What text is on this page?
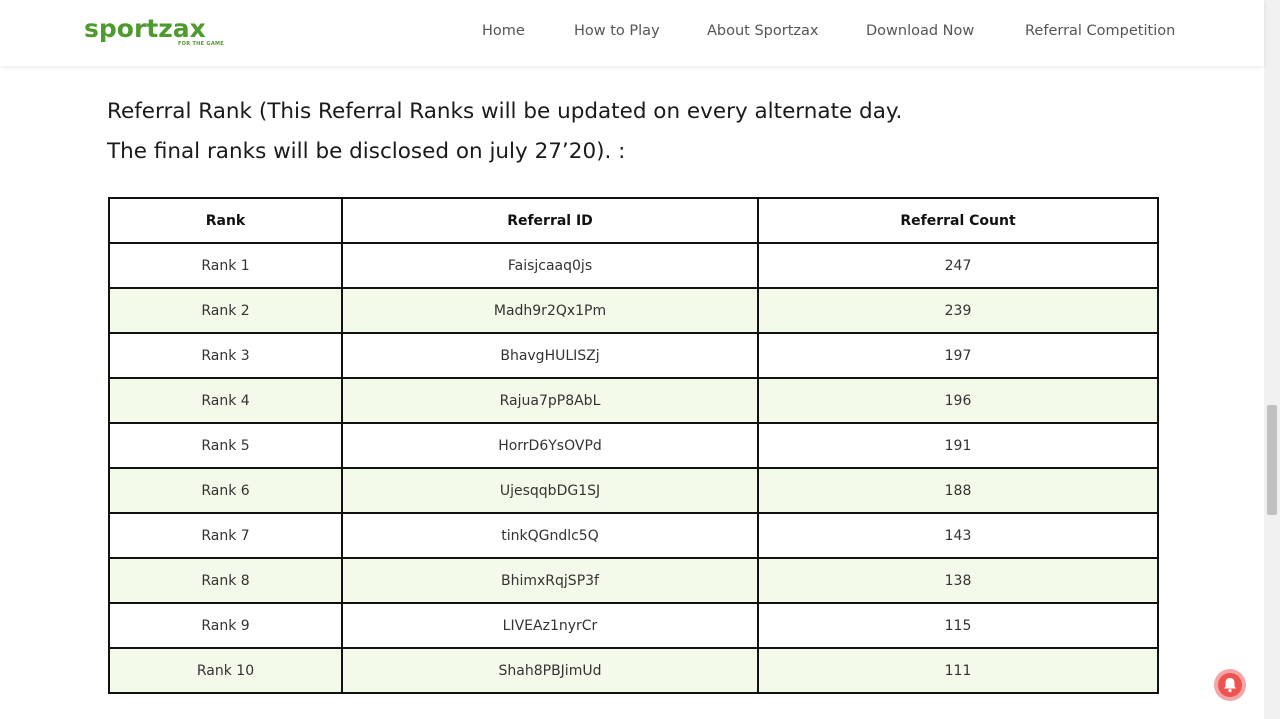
sportzax
FOR THE GAME
Home	How to Play	About Sportzax	Download Now	Referral Competition
Referral Rank (This Referral Ranks will be updated on every alternate day.
The final ranks will be disclosed on july 27’20). :
Rank	Referral ID	Referral Count
Rank 1	Faisjcaaq0js	247
Rank 2	Madh9r2Qx1Pm	239
Rank 3	BhavgHULISZj	197
Rank 4	Rajua7pP8AbL	196
Rank 5	HorrD6YsOVPd	191
Rank 6	UjesqqbDG1SJ	188
Rank 7	tinkQGndlc5Q	143
Rank 8	BhimxRqjSP3f	138
Rank 9	LIVEAz1nyrCr	115
Rank 10	Shah8PBJimUd	111
